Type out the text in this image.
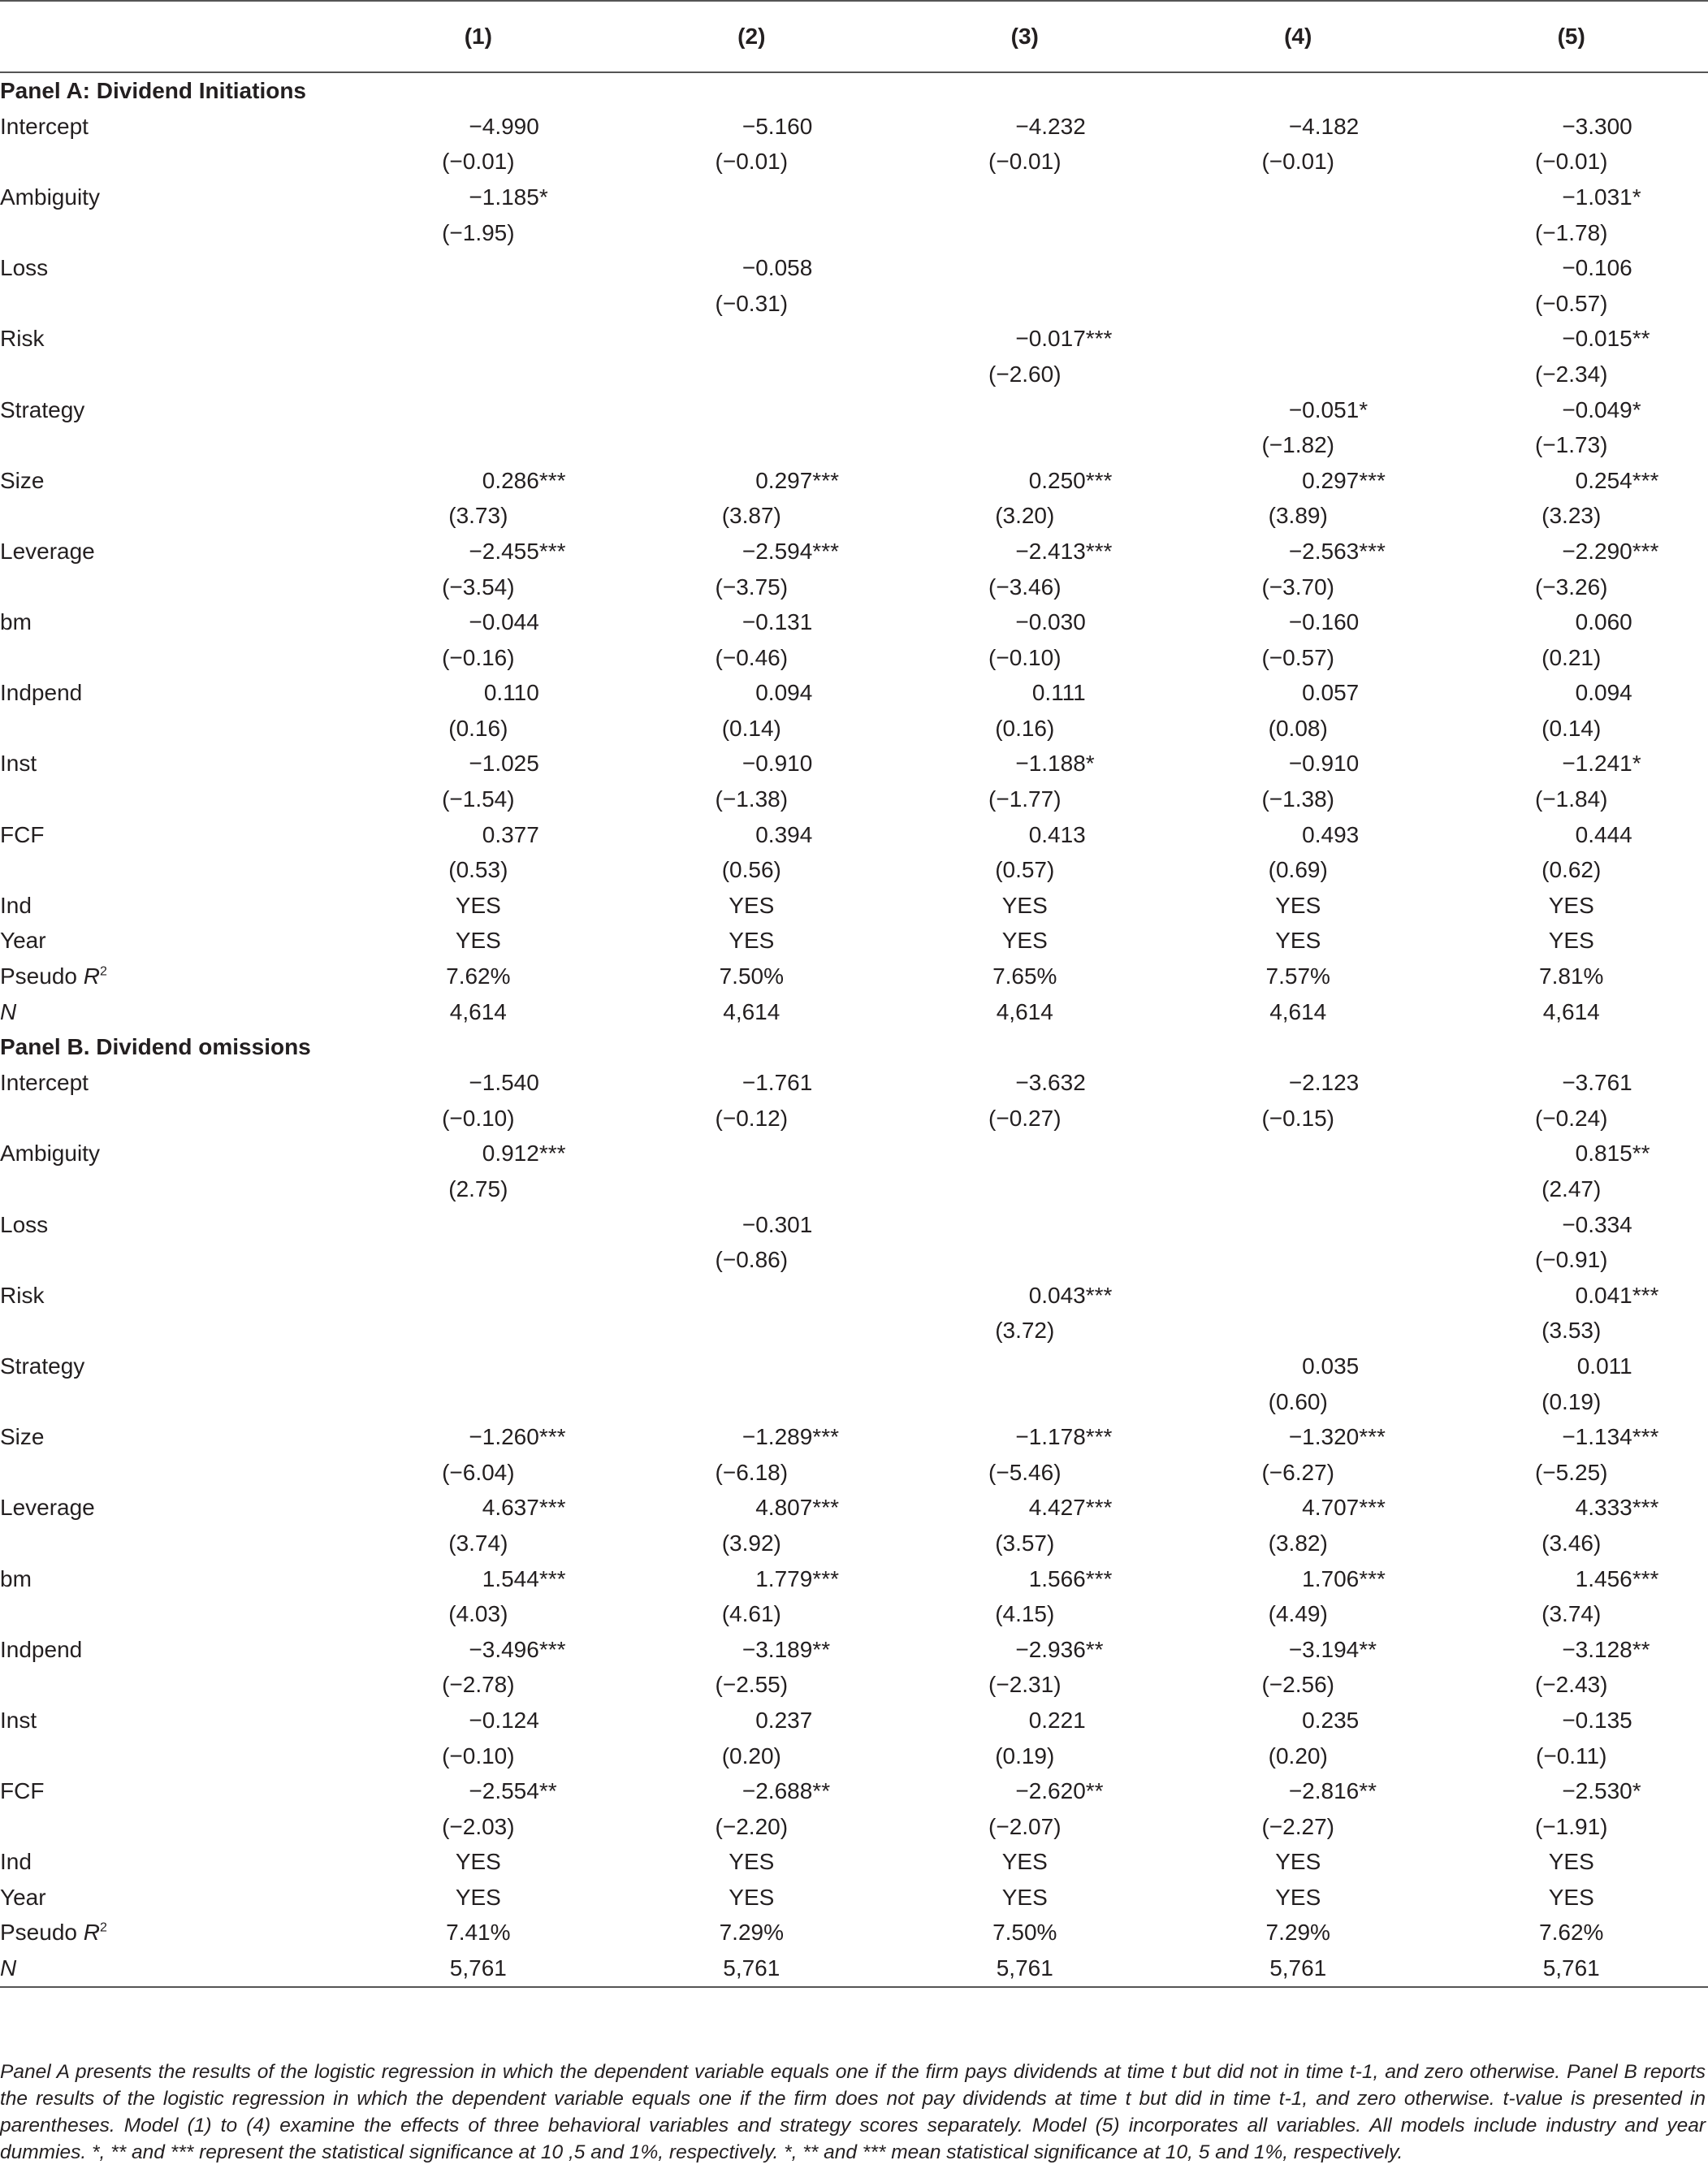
	(1)	(2)	(3)	(4)	(5)
Panel A: Dividend Initiations					
Intercept	−4.990	−5.160	−4.232	−4.182	−3.300

	(−0.01)	(−0.01)	(−0.01)	(−0.01)	(−0.01)
Ambiguity	−1.185 *				−1.031 *

	(−1.95)				(−1.78)
Loss		−0.058			−0.106

		(−0.31)			(−0.57)
Risk			−0.017 ***		−0.015 **

			(−2.60)		(−2.34)
Strategy				−0.051 *	−0.049 *

				(−1.82)	(−1.73)
Size	0.286 ***	0.297 ***	0.250 ***	0.297 ***	0.254 ***

	(3.73)	(3.87)	(3.20)	(3.89)	(3.23)
Leverage	−2.455 ***	−2.594 ***	−2.413 ***	−2.563 ***	−2.290 ***

	(−3.54)	(−3.75)	(−3.46)	(−3.70)	(−3.26)
bm	−0.044	−0.131	−0.030	−0.160	0.060

	(−0.16)	(−0.46)	(−0.10)	(−0.57)	(0.21)
Indpend	0.110	0.094	0.111	0.057	0.094

	(0.16)	(0.14)	(0.16)	(0.08)	(0.14)
Inst	−1.025	−0.910	−1.188 *	−0.910	−1.241 *

	(−1.54)	(−1.38)	(−1.77)	(−1.38)	(−1.84)
FCF	0.377	0.394	0.413	0.493	0.444

	(0.53)	(0.56)	(0.57)	(0.69)	(0.62)
Ind	YES	YES	YES	YES	YES
Year	YES	YES	YES	YES	YES
Pseudo $R^2$	7.62%	7.50%	7.65%	7.57%	7.81%
N	4,614	4,614	4,614	4,614	4,614
Panel B. Dividend omissions					
Intercept	−1.540	−1.761	−3.632	−2.123	−3.761

	(−0.10)	(−0.12)	(−0.27)	(−0.15)	(−0.24)
Ambiguity	0.912 ***				0.815 **

	(2.75)				(2.47)
Loss		−0.301			−0.334

		(−0.86)			(−0.91)
Risk			0.043 ***		0.041 ***

			(3.72)		(3.53)
Strategy				0.035	0.011

				(0.60)	(0.19)
Size	−1.260 ***	−1.289 ***	−1.178 ***	−1.320 ***	−1.134 ***

	(−6.04)	(−6.18)	(−5.46)	(−6.27)	(−5.25)
Leverage	4.637 ***	4.807 ***	4.427 ***	4.707 ***	4.333 ***

	(3.74)	(3.92)	(3.57)	(3.82)	(3.46)
bm	1.544 ***	1.779 ***	1.566 ***	1.706 ***	1.456 ***

	(4.03)	(4.61)	(4.15)	(4.49)	(3.74)
Indpend	−3.496 ***	−3.189 **	−2.936 **	−3.194 **	−3.128 **

	(−2.78)	(−2.55)	(−2.31)	(−2.56)	(−2.43)
Inst	−0.124	0.237	0.221	0.235	−0.135

	(−0.10)	(0.20)	(0.19)	(0.20)	(−0.11)
FCF	−2.554 **	−2.688 **	−2.620 **	−2.816 **	−2.530 *

	(−2.03)	(−2.20)	(−2.07)	(−2.27)	(−1.91)
Ind	YES	YES	YES	YES	YES
Year	YES	YES	YES	YES	YES
Pseudo $R^2$	7.41%	7.29%	7.50%	7.29%	7.62%
N	5,761	5,761	5,761	5,761	5,761

Panel A presents the results of the logistic regression in which the dependent variable equals one if the firm pays dividends at time t but did not in time t-1, and zero otherwise. Panel B reports the results of the logistic regression in which the dependent variable equals one if the firm does not pay dividends at time t but did in time t-1, and zero otherwise. t-value is presented in parentheses. Model (1) to (4) examine the effects of three behavioral variables and strategy scores separately. Model (5) incorporates all variables. All models include industry and year dummies. *, ** and *** represent the statistical significance at 10 ,5 and 1%, respectively. *, ** and *** mean statistical significance at 10, 5 and 1%, respectively.
